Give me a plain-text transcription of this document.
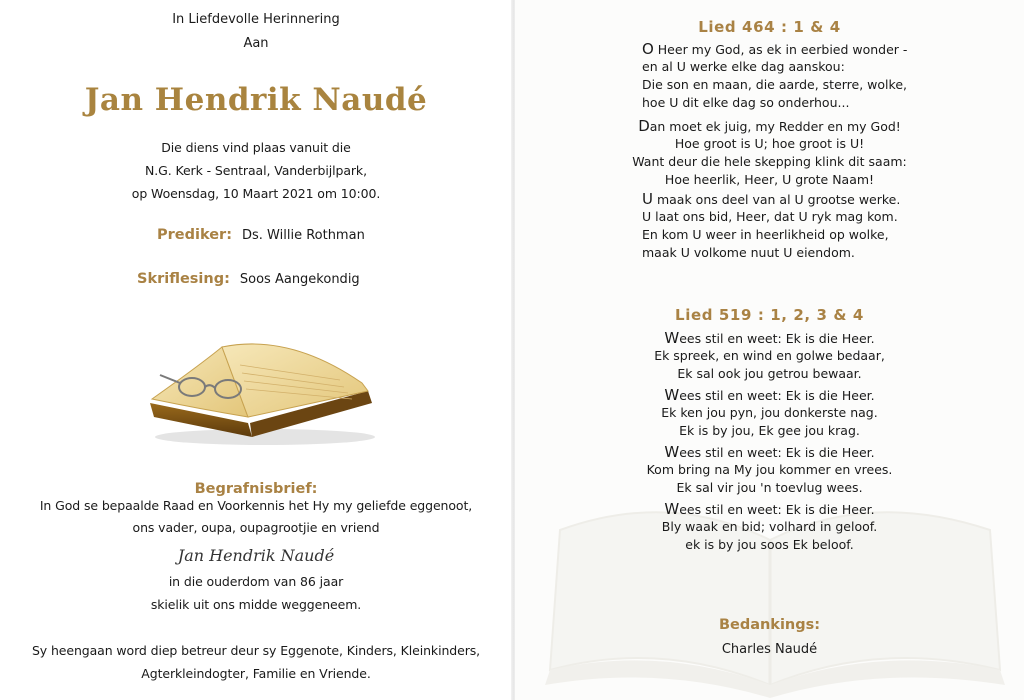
In Liefdevolle Herinnering
Aan
Jan Hendrik Naudé
Die diens vind plaas vanuit die
N.G. Kerk - Sentraal, Vanderbijlpark,
op Woensdag, 10 Maart 2021 om 10:00.
Prediker: Ds. Willie Rothman
Skriflesing: Soos Aangekondig
Begrafnisbrief:
In God se bepaalde Raad en Voorkennis het Hy my geliefde eggenoot,
ons vader, oupa, oupagrootjie en vriend
Jan Hendrik Naudé
in die ouderdom van 86 jaar
skielik uit ons midde weggeneem.
Sy heengaan word diep betreur deur sy Eggenote, Kinders, Kleinkinders,
Agterkleindogter, Familie en Vriende.
Lied 464 : 1 & 4
O Heer my God, as ek in eerbied wonder -
en al U werke elke dag aanskou:
Die son en maan, die aarde, sterre, wolke,
hoe U dit elke dag so onderhou...
Dan moet ek juig, my Redder en my God!
Hoe groot is U; hoe groot is U!
Want deur die hele skepping klink dit saam:
Hoe heerlik, Heer, U grote Naam!
U maak ons deel van al U grootse werke.
U laat ons bid, Heer, dat U ryk mag kom.
En kom U weer in heerlikheid op wolke,
maak U volkome nuut U eiendom.
Lied 519 : 1, 2, 3 & 4
Wees stil en weet: Ek is die Heer.
Ek spreek, en wind en golwe bedaar,
Ek sal ook jou getrou bewaar.
Wees stil en weet: Ek is die Heer.
Ek ken jou pyn, jou donkerste nag.
Ek is by jou, Ek gee jou krag.
Wees stil en weet: Ek is die Heer.
Kom bring na My jou kommer en vrees.
Ek sal vir jou 'n toevlug wees.
Wees stil en weet: Ek is die Heer.
Bly waak en bid; volhard in geloof.
ek is by jou soos Ek beloof.
Bedankings:
Charles Naudé
